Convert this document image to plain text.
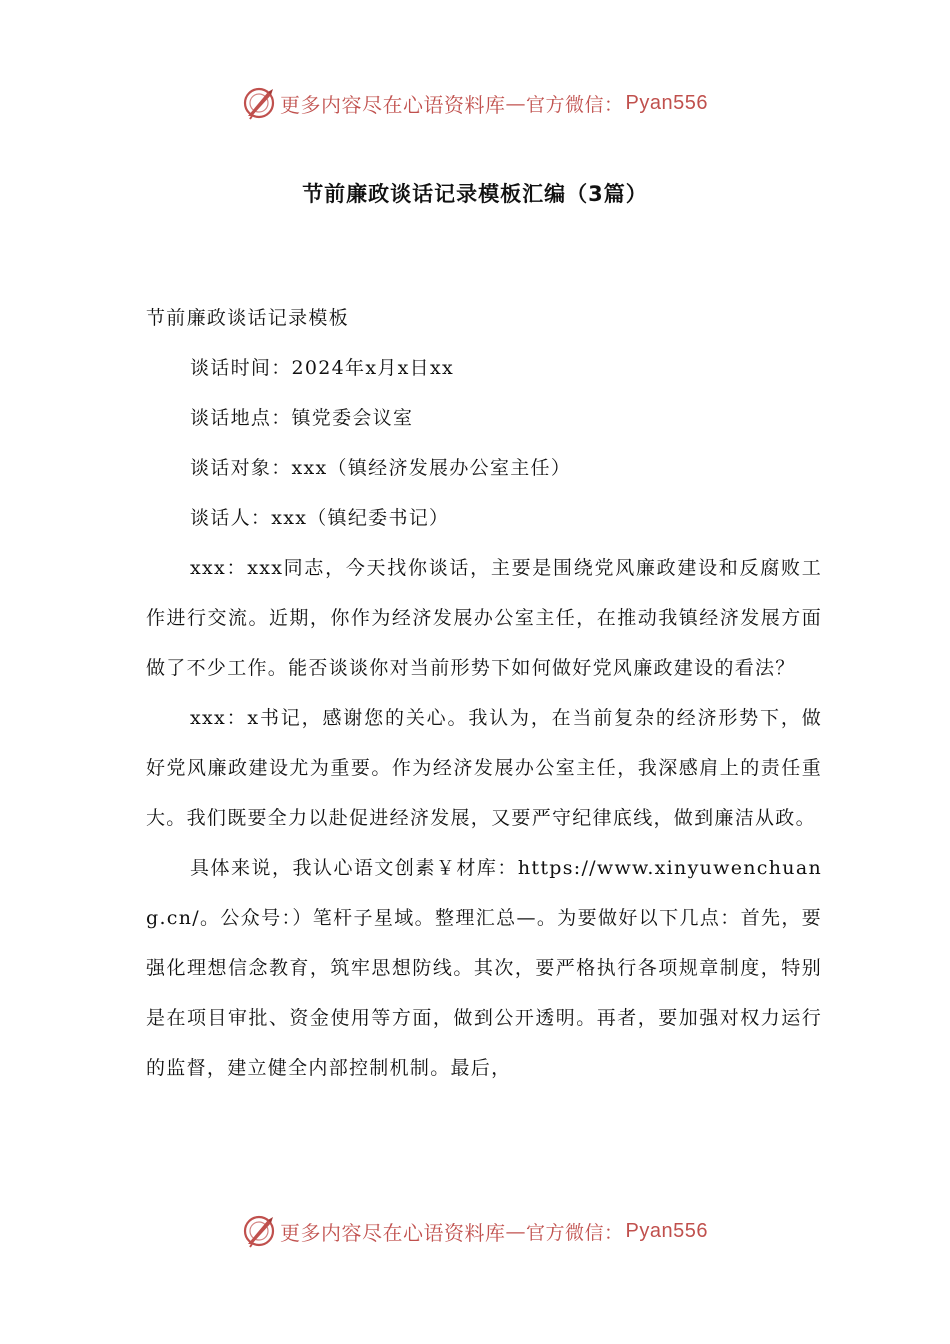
更多内容尽在心语资料库 — 官方微信： Pyan556
节前廉政谈话记录模板汇编（3篇）

节前廉政谈话记录模板

谈话时间：2024年x月x日xx

谈话地点：镇党委会议室

谈话对象：xxx（镇经济发展办公室主任）

谈话人：xxx（镇纪委书记）

xxx：xxx同志，今天找你谈话，主要是围绕党风廉政建设和反腐败工作进行交流。近期，你作为经济发展办公室主任，在推动我镇经济发展方面做了不少工作。能否谈谈你对当前形势下如何做好党风廉政建设的看法？

xxx：x书记，感谢您的关心。我认为，在当前复杂的经济形势下，做好党风廉政建设尤为重要。作为经济发展办公室主任，我深感肩上的责任重大。我们既要全力以赴促进经济发展，又要严守纪律底线，做到廉洁从政。

具体来说，我认心语文创素￥材库：https://www.xinyuwenchuang.cn/。公众号：）笔杆子星域。整理汇总—。为要做好以下几点：首先，要强化理想信念教育，筑牢思想防线。其次，要严格执行各项规章制度，特别是在项目审批、资金使用等方面，做到公开透明。再者，要加强对权力运行的监督，建立健全内部控制机制。最后，

更多内容尽在心语资料库 — 官方微信： Pyan556
